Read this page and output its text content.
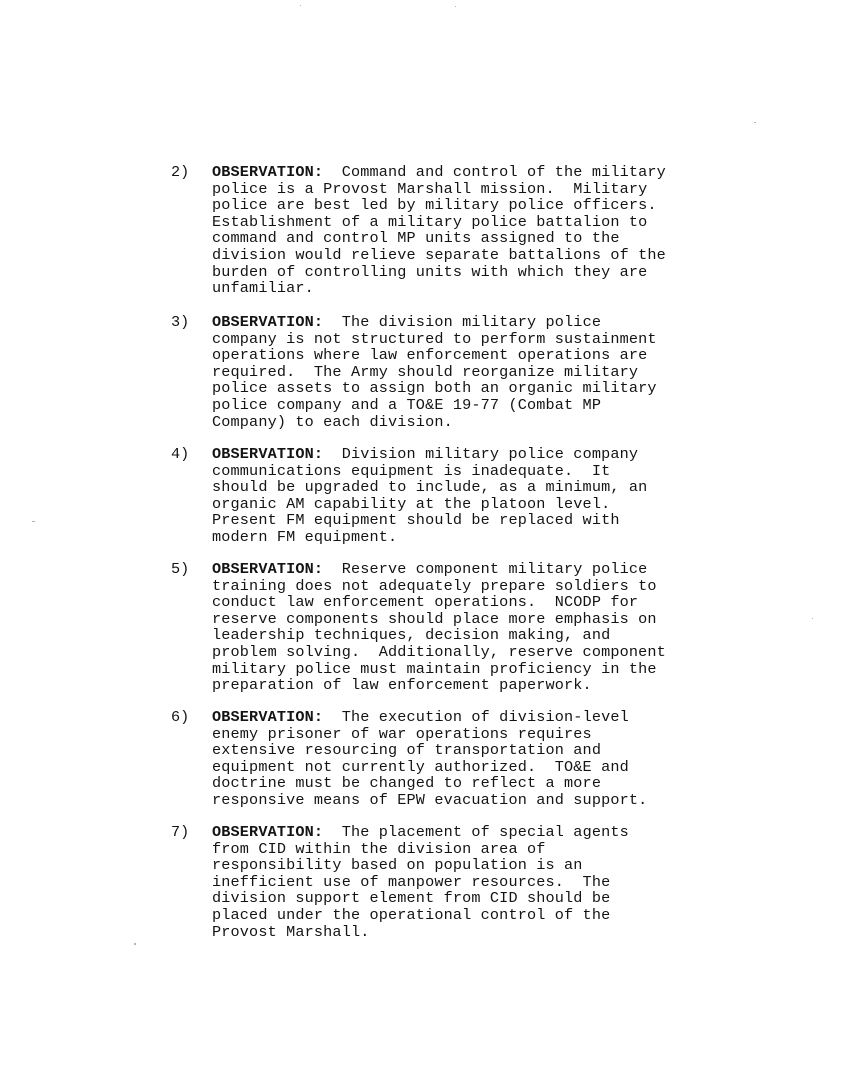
2) OBSERVATION:  Command and control of the military
police is a Provost Marshall mission.  Military
police are best led by military police officers.
Establishment of a military police battalion to
command and control MP units assigned to the
division would relieve separate battalions of the
burden of controlling units with which they are
unfamiliar.
3) OBSERVATION:  The division military police
company is not structured to perform sustainment
operations where law enforcement operations are
required.  The Army should reorganize military
police assets to assign both an organic military
police company and a TO&E 19-77 (Combat MP
Company) to each division.
4) OBSERVATION:  Division military police company
communications equipment is inadequate.  It
should be upgraded to include, as a minimum, an
organic AM capability at the platoon level.
Present FM equipment should be replaced with
modern FM equipment.
5) OBSERVATION:  Reserve component military police
training does not adequately prepare soldiers to
conduct law enforcement operations.  NCODP for
reserve components should place more emphasis on
leadership techniques, decision making, and
problem solving.  Additionally, reserve component
military police must maintain proficiency in the
preparation of law enforcement paperwork.
6) OBSERVATION:  The execution of division-level
enemy prisoner of war operations requires
extensive resourcing of transportation and
equipment not currently authorized.  TO&E and
doctrine must be changed to reflect a more
responsive means of EPW evacuation and support.
7) OBSERVATION:  The placement of special agents
from CID within the division area of
responsibility based on population is an
inefficient use of manpower resources.  The
division support element from CID should be
placed under the operational control of the
Provost Marshall.
